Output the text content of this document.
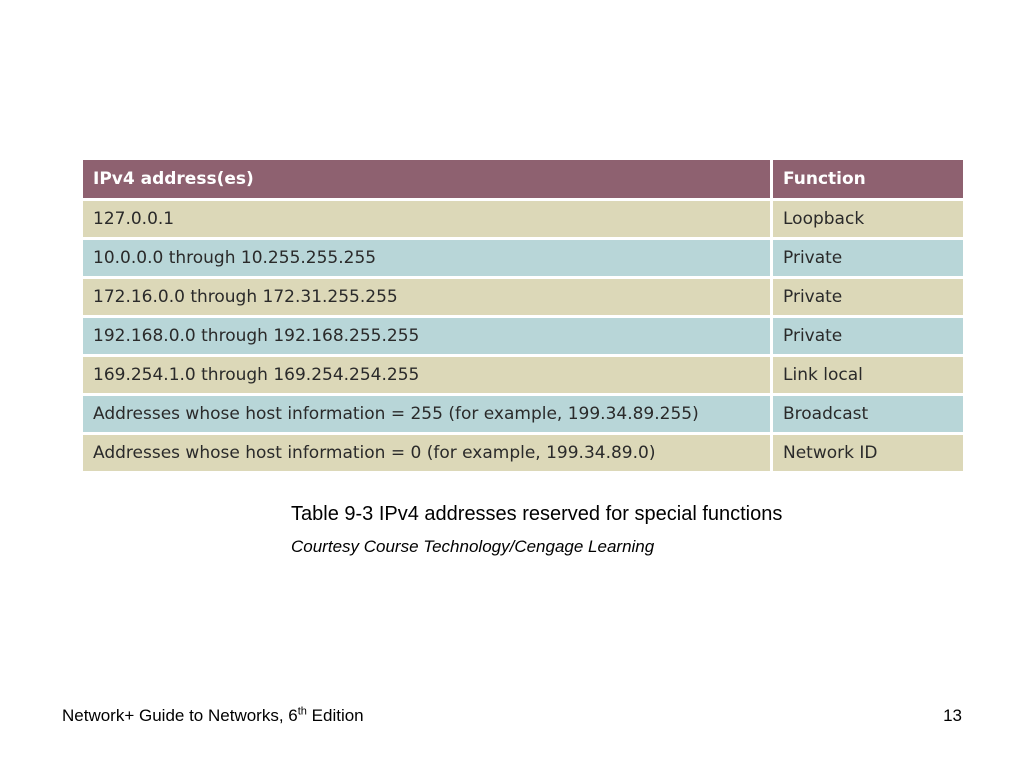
IPv4 address(es)	Function
127.0.0.1	Loopback
10.0.0.0 through 10.255.255.255	Private
172.16.0.0 through 172.31.255.255	Private
192.168.0.0 through 192.168.255.255	Private
169.254.1.0 through 169.254.254.255	Link local
Addresses whose host information = 255 (for example, 199.34.89.255)	Broadcast
Addresses whose host information = 0 (for example, 199.34.89.0)	Network ID
Table 9-3 IPv4 addresses reserved for special functions
Courtesy Course Technology/Cengage Learning
Network+ Guide to Networks, 6th Edition	13
